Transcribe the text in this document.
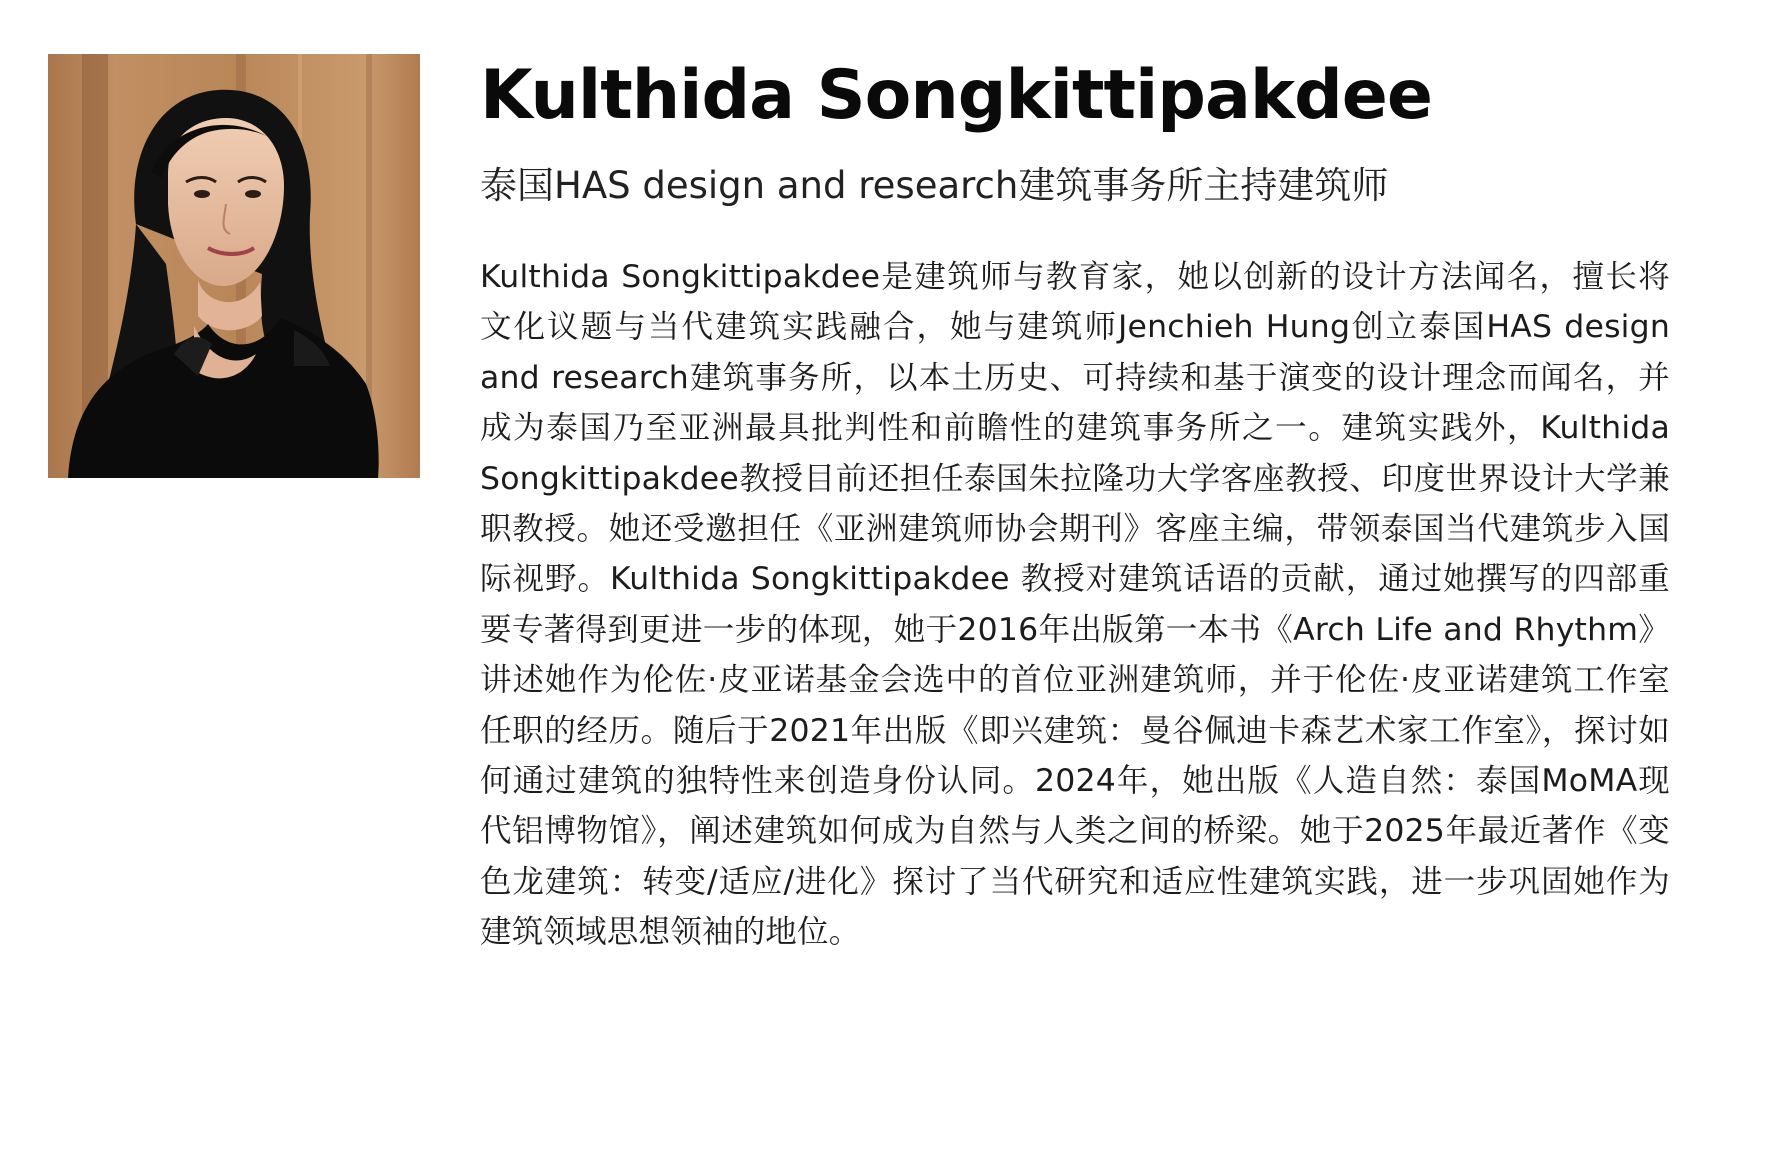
Kulthida Songkittipakdee
泰国HAS design and research建筑事务所主持建筑师

Kulthida Songkittipakdee是建筑师与教育家，她以创新的设计方法闻名，擅长将文化议题与当代建筑实践融合，她与建筑师Jenchieh Hung创立泰国HAS design and research建筑事务所，以本土历史、可持续和基于演变的设计理念而闻名，并成为泰国乃至亚洲最具批判性和前瞻性的建筑事务所之一。建筑实践外，Kulthida Songkittipakdee教授目前还担任泰国朱拉隆功大学客座教授、印度世界设计大学兼职教授。她还受邀担任《亚洲建筑师协会期刊》客座主编，带领泰国当代建筑步入国际视野。Kulthida Songkittipakdee 教授对建筑话语的贡献，通过她撰写的四部重要专著得到更进一步的体现，她于2016年出版第一本书《Arch Life and Rhythm》讲述她作为伦佐·皮亚诺基金会选中的首位亚洲建筑师，并于伦佐·皮亚诺建筑工作室任职的经历。随后于2021年出版《即兴建筑：曼谷佩迪卡森艺术家工作室》，探讨如何通过建筑的独特性来创造身份认同。2024年，她出版《人造自然：泰国MoMA现代铝博物馆》，阐述建筑如何成为自然与人类之间的桥梁。她于2025年最近著作《变色龙建筑：转变/适应/进化》探讨了当代研究和适应性建筑实践，进一步巩固她作为建筑领域思想领袖的地位。
